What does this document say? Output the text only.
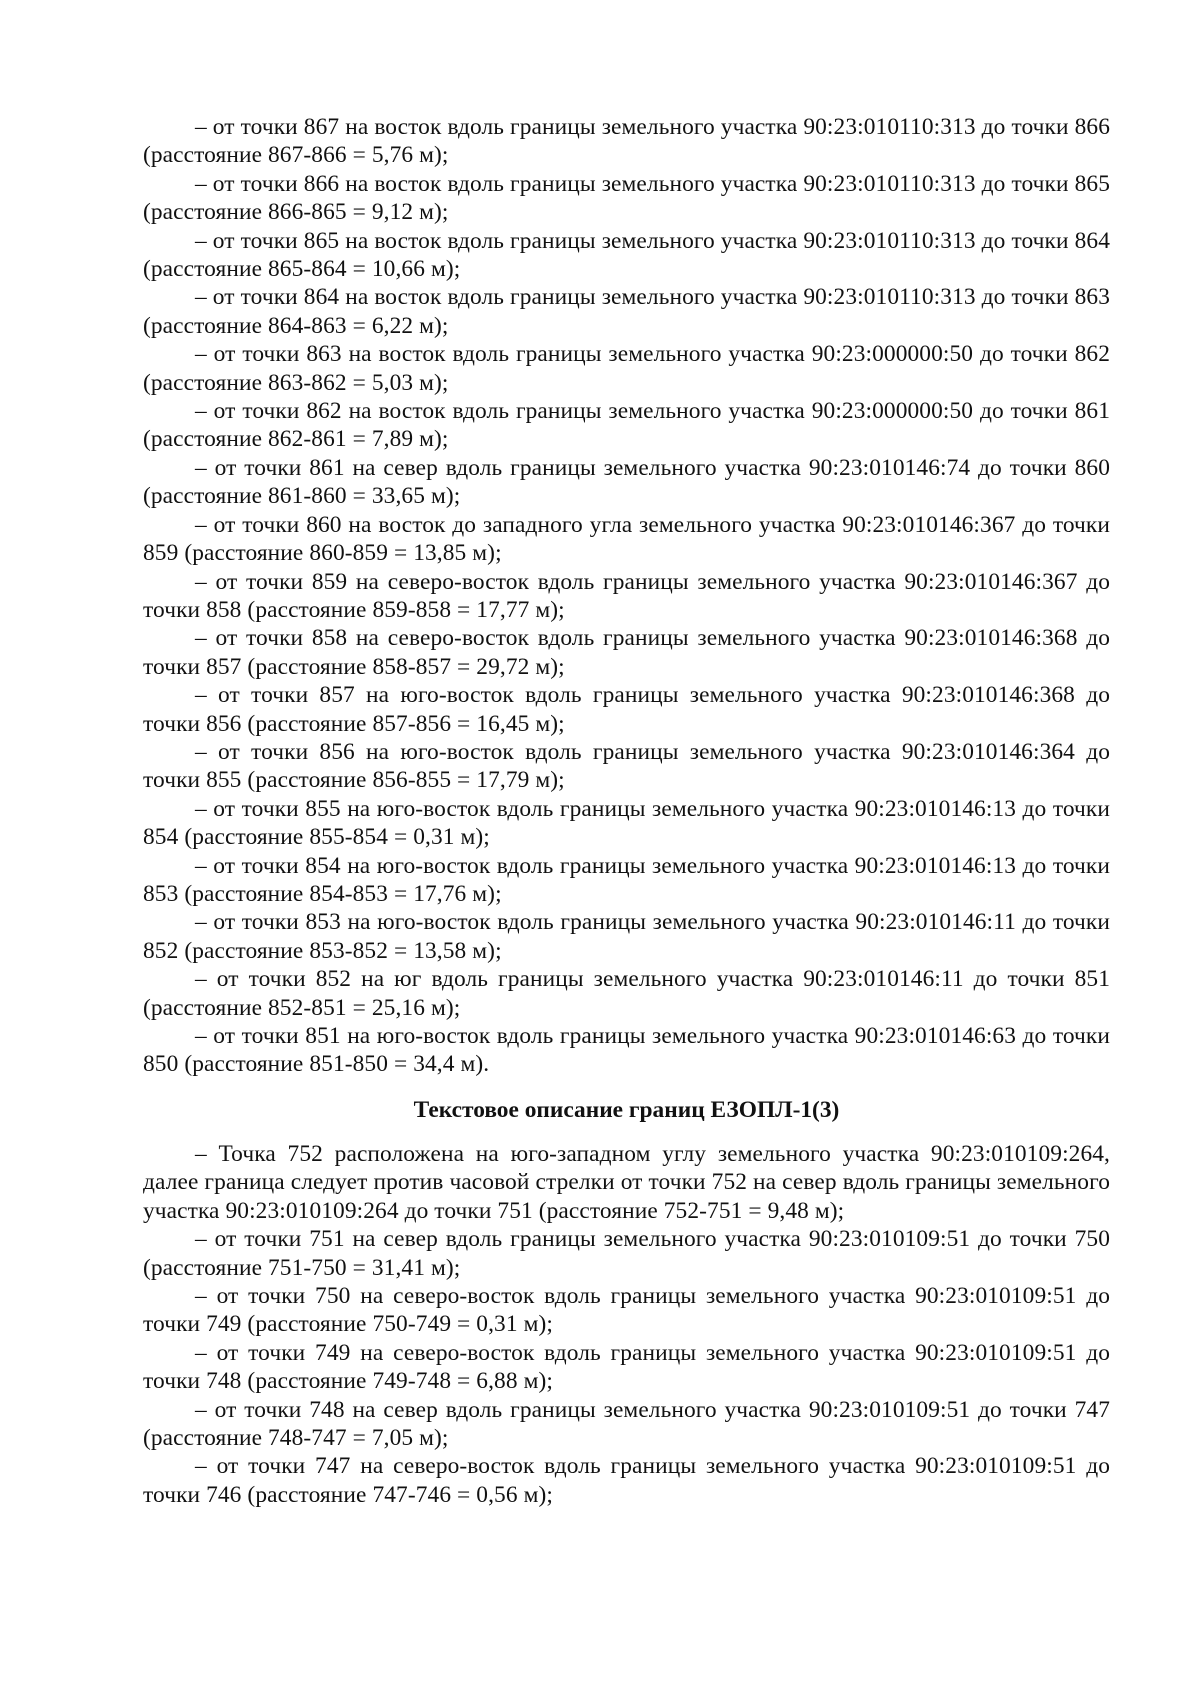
– от точки 867 на восток вдоль границы земельного участка 90:23:010110:313 до точки 866 (расстояние 867-866 = 5,76 м);

– от точки 866 на восток вдоль границы земельного участка 90:23:010110:313 до точки 865 (расстояние 866-865 = 9,12 м);

– от точки 865 на восток вдоль границы земельного участка 90:23:010110:313 до точки 864 (расстояние 865-864 = 10,66 м);

– от точки 864 на восток вдоль границы земельного участка 90:23:010110:313 до точки 863 (расстояние 864-863 = 6,22 м);

– от точки 863 на восток вдоль границы земельного участка 90:23:000000:50 до точки 862 (расстояние 863-862 = 5,03 м);

– от точки 862 на восток вдоль границы земельного участка 90:23:000000:50 до точки 861 (расстояние 862-861 = 7,89 м);

– от точки 861 на север вдоль границы земельного участка 90:23:010146:74 до точки 860 (расстояние 861-860 = 33,65 м);

– от точки 860 на восток до западного угла земельного участка 90:23:010146:367 до точки 859 (расстояние 860-859 = 13,85 м);

– от точки 859 на северо-восток вдоль границы земельного участка 90:23:010146:367 до точки 858 (расстояние 859-858 = 17,77 м);

– от точки 858 на северо-восток вдоль границы земельного участка 90:23:010146:368 до точки 857 (расстояние 858-857 = 29,72 м);

– от точки 857 на юго-восток вдоль границы земельного участка 90:23:010146:368 до точки 856 (расстояние 857-856 = 16,45 м);

– от точки 856 на юго-восток вдоль границы земельного участка 90:23:010146:364 до точки 855 (расстояние 856-855 = 17,79 м);

– от точки 855 на юго-восток вдоль границы земельного участка 90:23:010146:13 до точки 854 (расстояние 855-854 = 0,31 м);

– от точки 854 на юго-восток вдоль границы земельного участка 90:23:010146:13 до точки 853 (расстояние 854-853 = 17,76 м);

– от точки 853 на юго-восток вдоль границы земельного участка 90:23:010146:11 до точки 852 (расстояние 853-852 = 13,58 м);

– от точки 852 на юг вдоль границы земельного участка 90:23:010146:11 до точки 851 (расстояние 852-851 = 25,16 м);

– от точки 851 на юго-восток вдоль границы земельного участка 90:23:010146:63 до точки 850 (расстояние 851-850 = 34,4 м).

Текстовое описание границ ЕЗОПЛ-1(3)

– Точка 752 расположена на юго-западном углу земельного участка 90:23:010109:264, далее граница следует против часовой стрелки от точки 752 на север вдоль границы земельного участка 90:23:010109:264 до точки 751 (расстояние 752-751 = 9,48 м);

– от точки 751 на север вдоль границы земельного участка 90:23:010109:51 до точки 750 (расстояние 751-750 = 31,41 м);

– от точки 750 на северо-восток вдоль границы земельного участка 90:23:010109:51 до точки 749 (расстояние 750-749 = 0,31 м);

– от точки 749 на северо-восток вдоль границы земельного участка 90:23:010109:51 до точки 748 (расстояние 749-748 = 6,88 м);

– от точки 748 на север вдоль границы земельного участка 90:23:010109:51 до точки 747 (расстояние 748-747 = 7,05 м);

– от точки 747 на северо-восток вдоль границы земельного участка 90:23:010109:51 до точки 746 (расстояние 747-746 = 0,56 м);
